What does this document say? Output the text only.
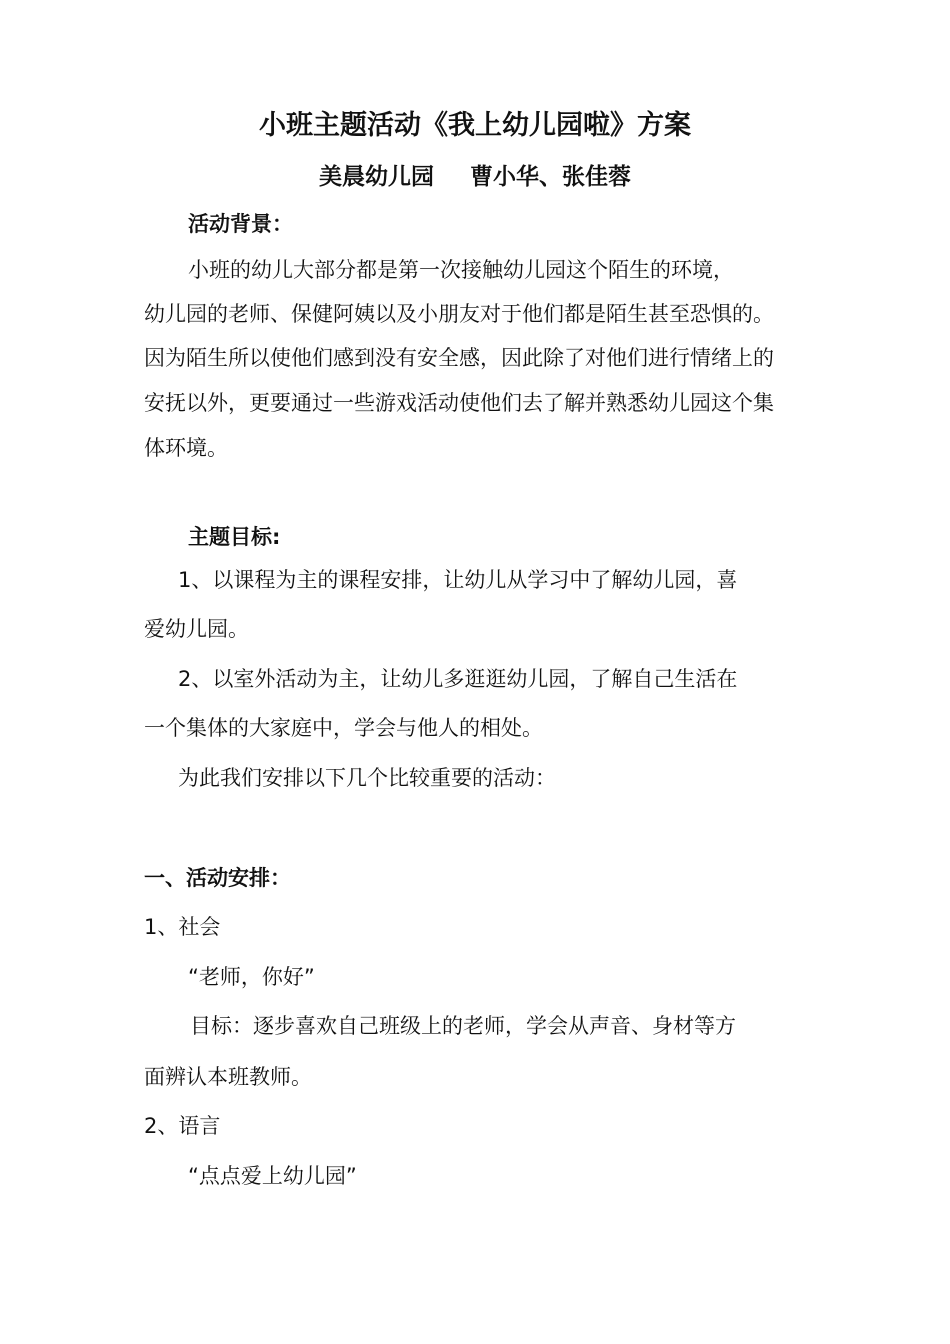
小班主题活动《我上幼儿园啦》方案
美晨幼儿园 曹小华、张佳蓉
活动背景：
小班的幼儿大部分都是第一次接触幼儿园这个陌生的环境，
幼儿园的老师、保健阿姨以及小朋友对于他们都是陌生甚至恐惧的。
因为陌生所以使他们感到没有安全感，因此除了对他们进行情绪上的
安抚以外，更要通过一些游戏活动使他们去了解并熟悉幼儿园这个集
体环境。
主题目标:
1、以课程为主的课程安排，让幼儿从学习中了解幼儿园，喜
爱幼儿园。
2、以室外活动为主，让幼儿多逛逛幼儿园，了解自己生活在
一个集体的大家庭中，学会与他人的相处。
为此我们安排以下几个比较重要的活动：
一、活动安排：
1、社会
“老师，你好”
目标：逐步喜欢自己班级上的老师，学会从声音、身材等方
面辨认本班教师。
2、语言
“点点爱上幼儿园”
